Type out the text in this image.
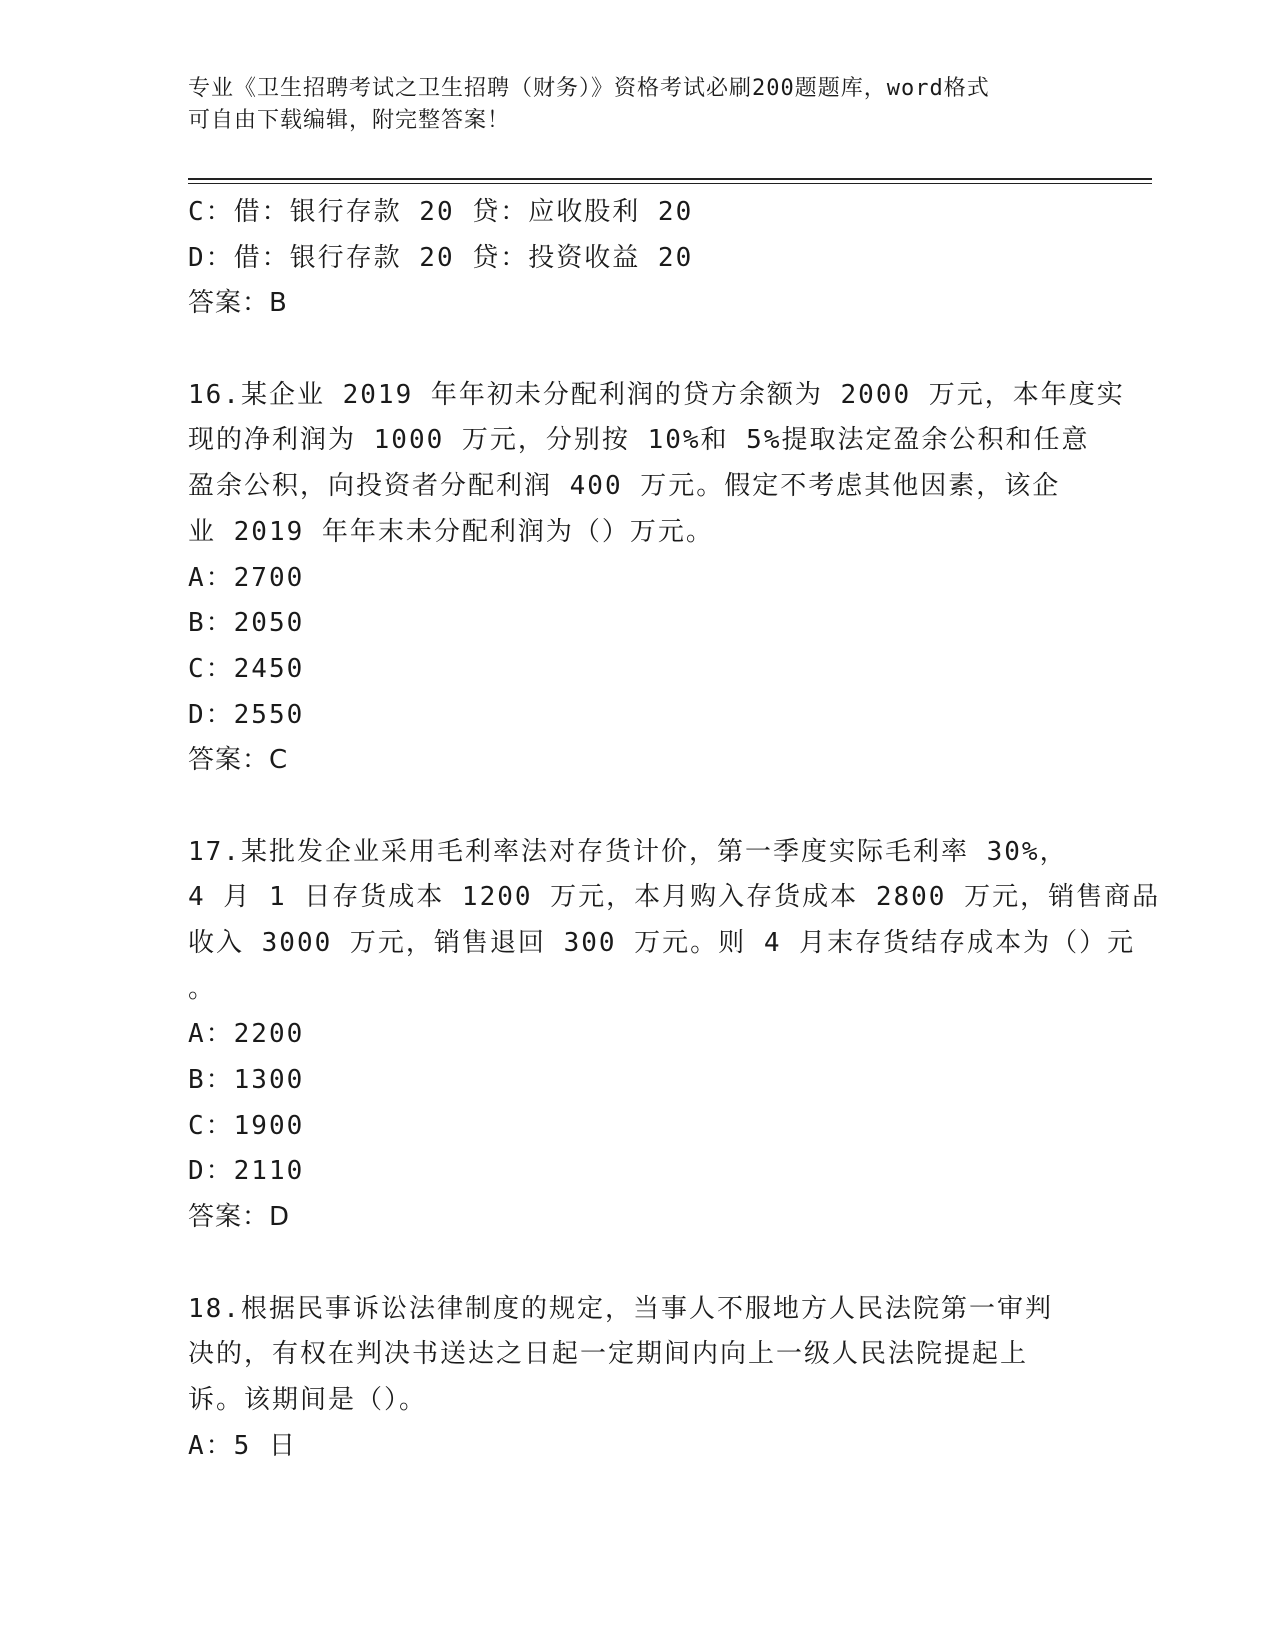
专业《卫生招聘考试之卫生招聘（财务）》资格考试必刷200题题库，word格式
可自由下载编辑，附完整答案！
C：借：银行存款 20 贷：应收股利 20
D：借：银行存款 20 贷：投资收益 20
答案：B
16.某企业 2019 年年初未分配利润的贷方余额为 2000 万元，本年度实
现的净利润为 1000 万元，分别按 10%和 5%提取法定盈余公积和任意
盈余公积，向投资者分配利润 400 万元。假定不考虑其他因素，该企
业 2019 年年末未分配利润为（）万元。
A：2700
B：2050
C：2450
D：2550
答案：C
17.某批发企业采用毛利率法对存货计价，第一季度实际毛利率 30%，
4 月 1 日存货成本 1200 万元，本月购入存货成本 2800 万元，销售商品
收入 3000 万元，销售退回 300 万元。则 4 月末存货结存成本为（）元
。
A：2200
B：1300
C：1900
D：2110
答案：D
18.根据民事诉讼法律制度的规定，当事人不服地方人民法院第一审判
决的，有权在判决书送达之日起一定期间内向上一级人民法院提起上
诉。该期间是（）。
A：5 日
